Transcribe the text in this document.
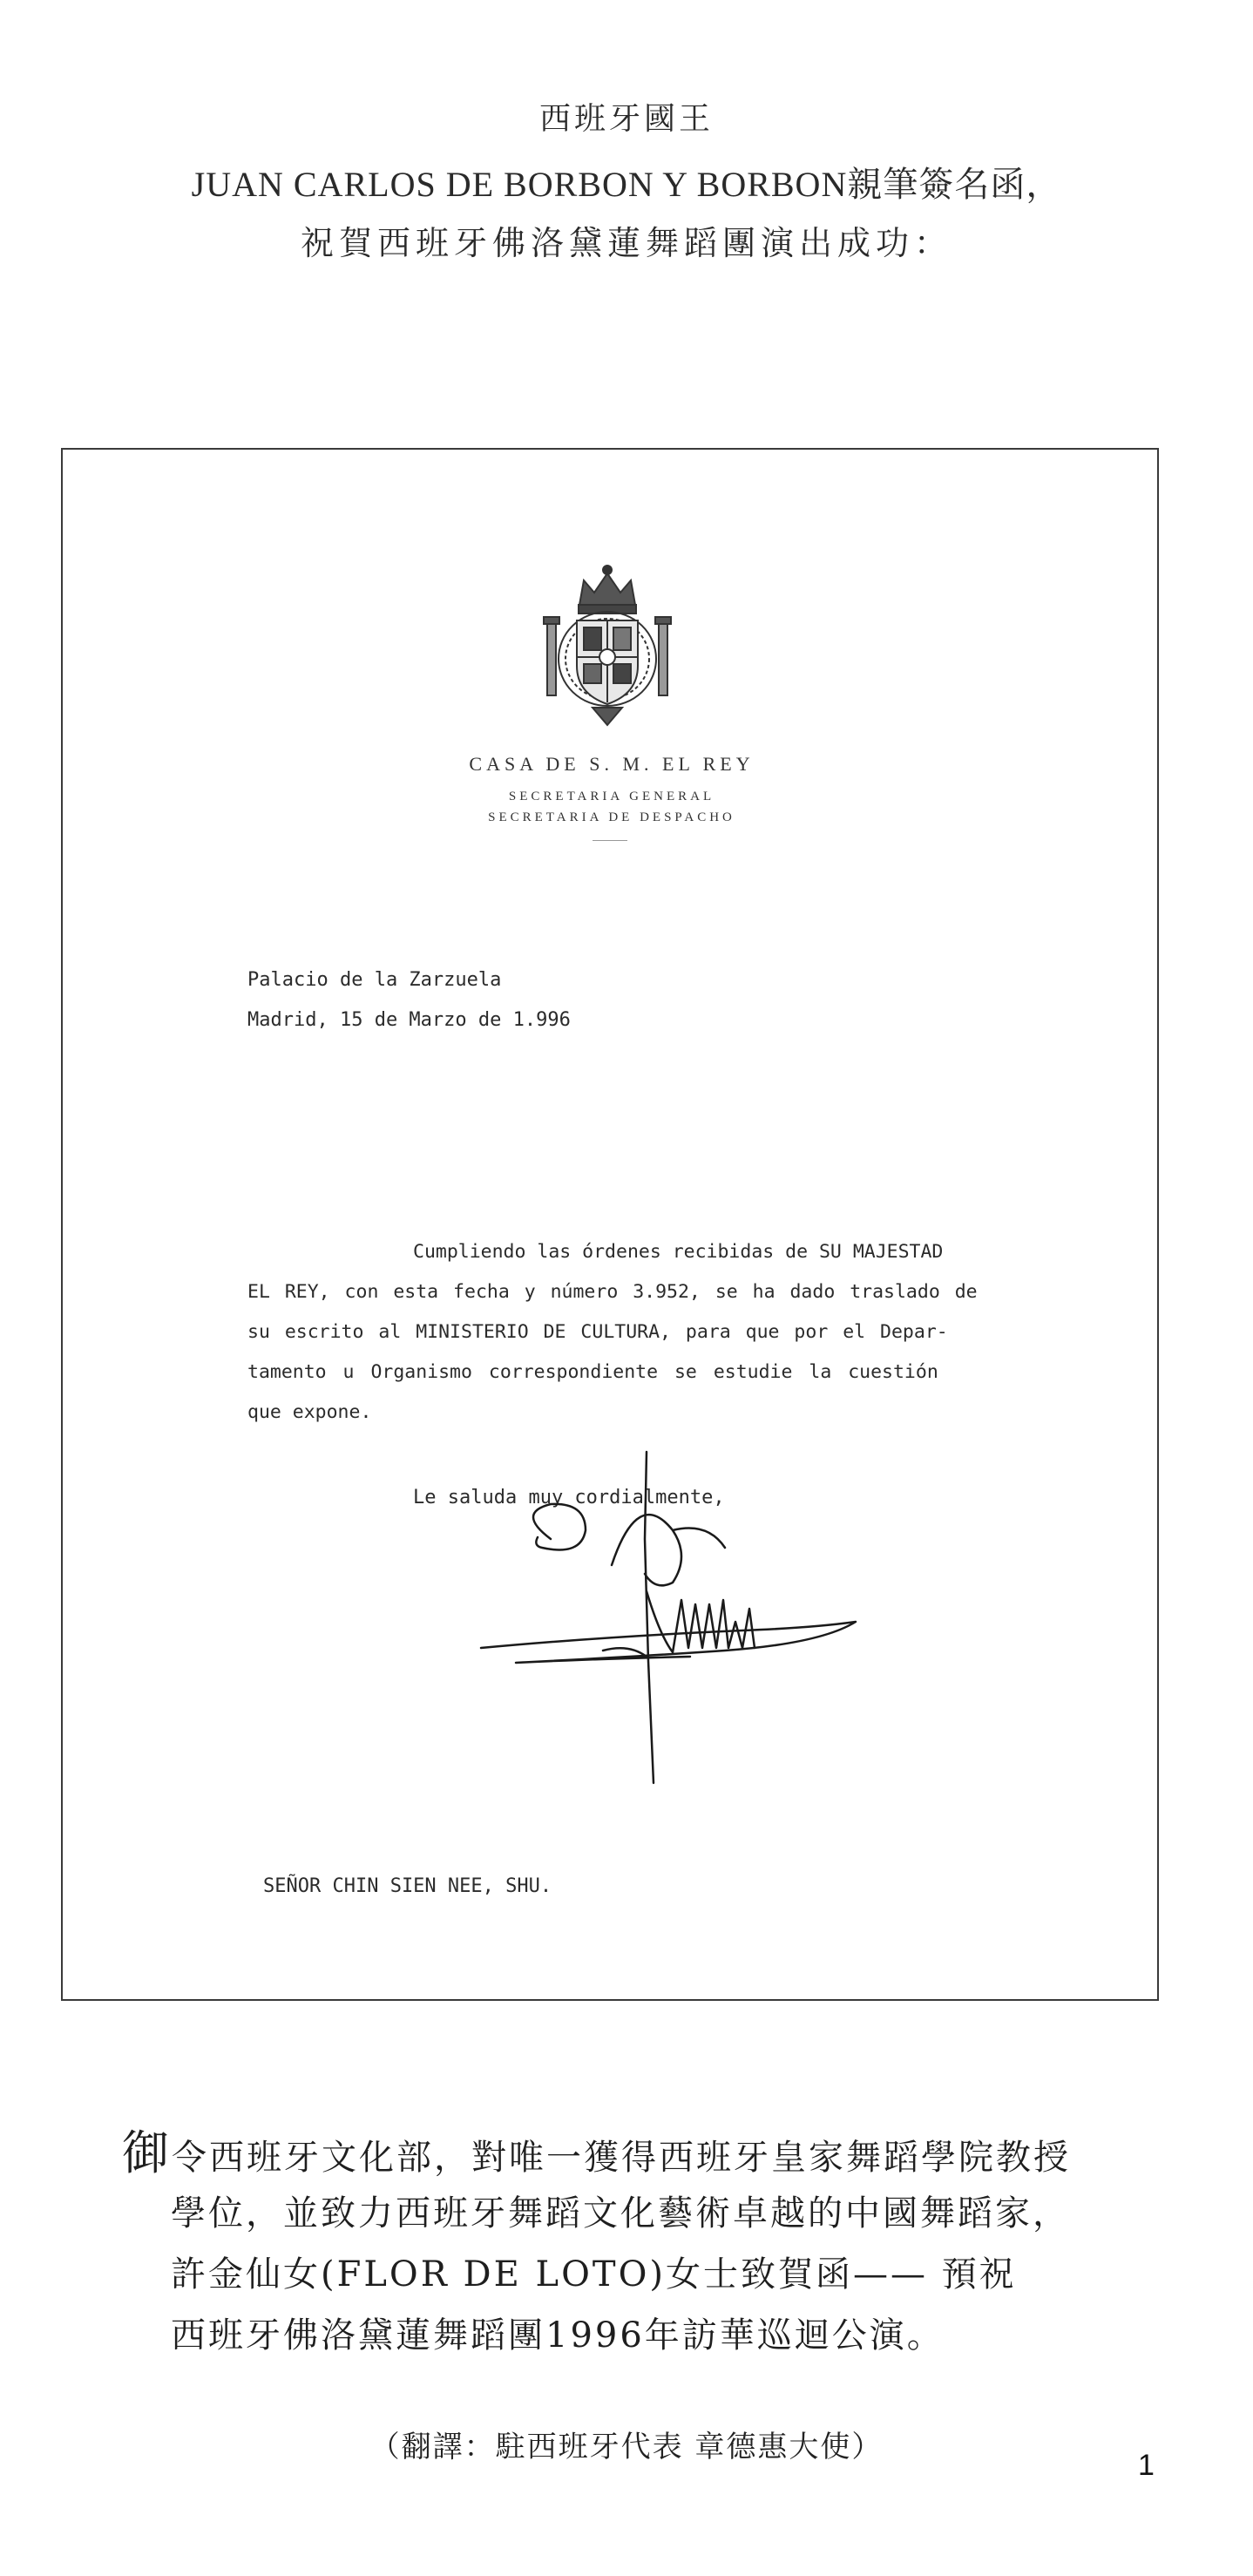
西班牙國王
JUAN CARLOS DE BORBON Y BORBON親筆簽名函，
祝賀西班牙佛洛黛蓮舞蹈團演出成功：
CASA DE S. M. EL REY
SECRETARIA GENERAL
SECRETARIA DE DESPACHO
Palacio de la Zarzuela
Madrid, 15 de Marzo de 1.996
Cumpliendo las órdenes recibidas de SU MAJESTAD
EL REY, con esta fecha y número 3.952, se ha dado traslado de
su escrito al MINISTERIO DE CULTURA, para que por el Depar-
tamento u Organismo correspondiente se estudie la cuestión
que expone.
Le saluda muy cordialmente,
SEÑOR CHIN SIEN NEE, SHU.
御令西班牙文化部，對唯一獲得西班牙皇家舞蹈學院教授
學位，並致力西班牙舞蹈文化藝術卓越的中國舞蹈家，
許金仙女(FLOR DE LOTO)女士致賀函—— 預祝
西班牙佛洛黛蓮舞蹈團1996年訪華巡迴公演。
（翻譯：駐西班牙代表 章德惠大使）
1
